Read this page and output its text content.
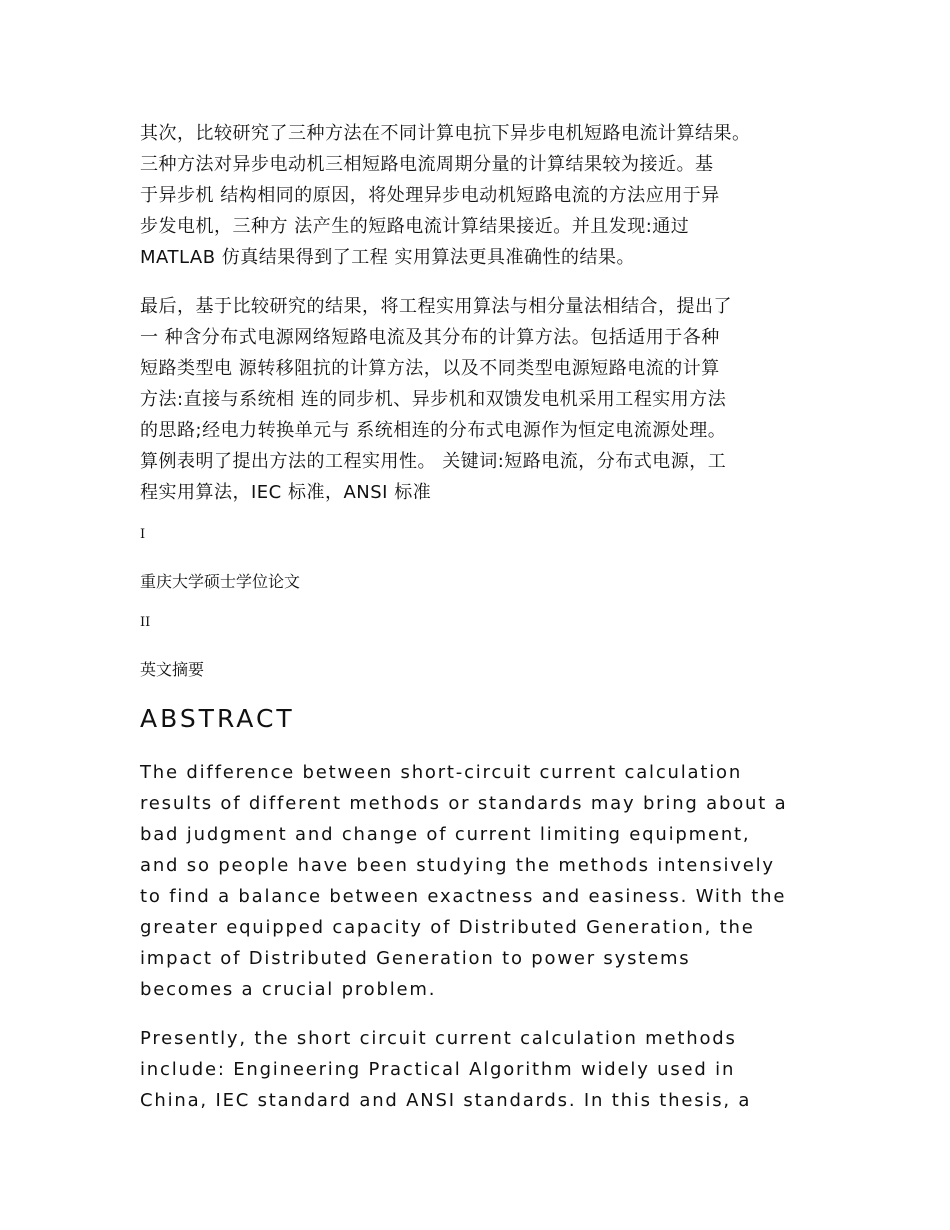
其次，比较研究了三种方法在不同计算电抗下异步电机短路电流计算结果。
三种方法对异步电动机三相短路电流周期分量的计算结果较为接近。基
于异步机 结构相同的原因，将处理异步电动机短路电流的方法应用于异
步发电机，三种方 法产生的短路电流计算结果接近。并且发现:通过
MATLAB 仿真结果得到了工程 实用算法更具准确性的结果。
最后，基于比较研究的结果，将工程实用算法与相分量法相结合，提出了
一 种含分布式电源网络短路电流及其分布的计算方法。包括适用于各种
短路类型电 源转移阻抗的计算方法，以及不同类型电源短路电流的计算
方法:直接与系统相 连的同步机、异步机和双馈发电机采用工程实用方法
的思路;经电力转换单元与 系统相连的分布式电源作为恒定电流源处理。
算例表明了提出方法的工程实用性。 关键词:短路电流，分布式电源，工
程实用算法，IEC 标准，ANSI 标准
I
重庆大学硕士学位论文
II
英文摘要
ABSTRACT
The difference between short-circuit current calculation
results of different methods or standards may bring about a
bad judgment and change of current limiting equipment,
and so people have been studying the methods intensively
to find a balance between exactness and easiness. With the
greater equipped capacity of Distributed Generation, the
impact of Distributed Generation to power systems
becomes a crucial problem.
Presently, the short circuit current calculation methods
include: Engineering Practical Algorithm widely used in
China, IEC standard and ANSI standards. In this thesis, a
